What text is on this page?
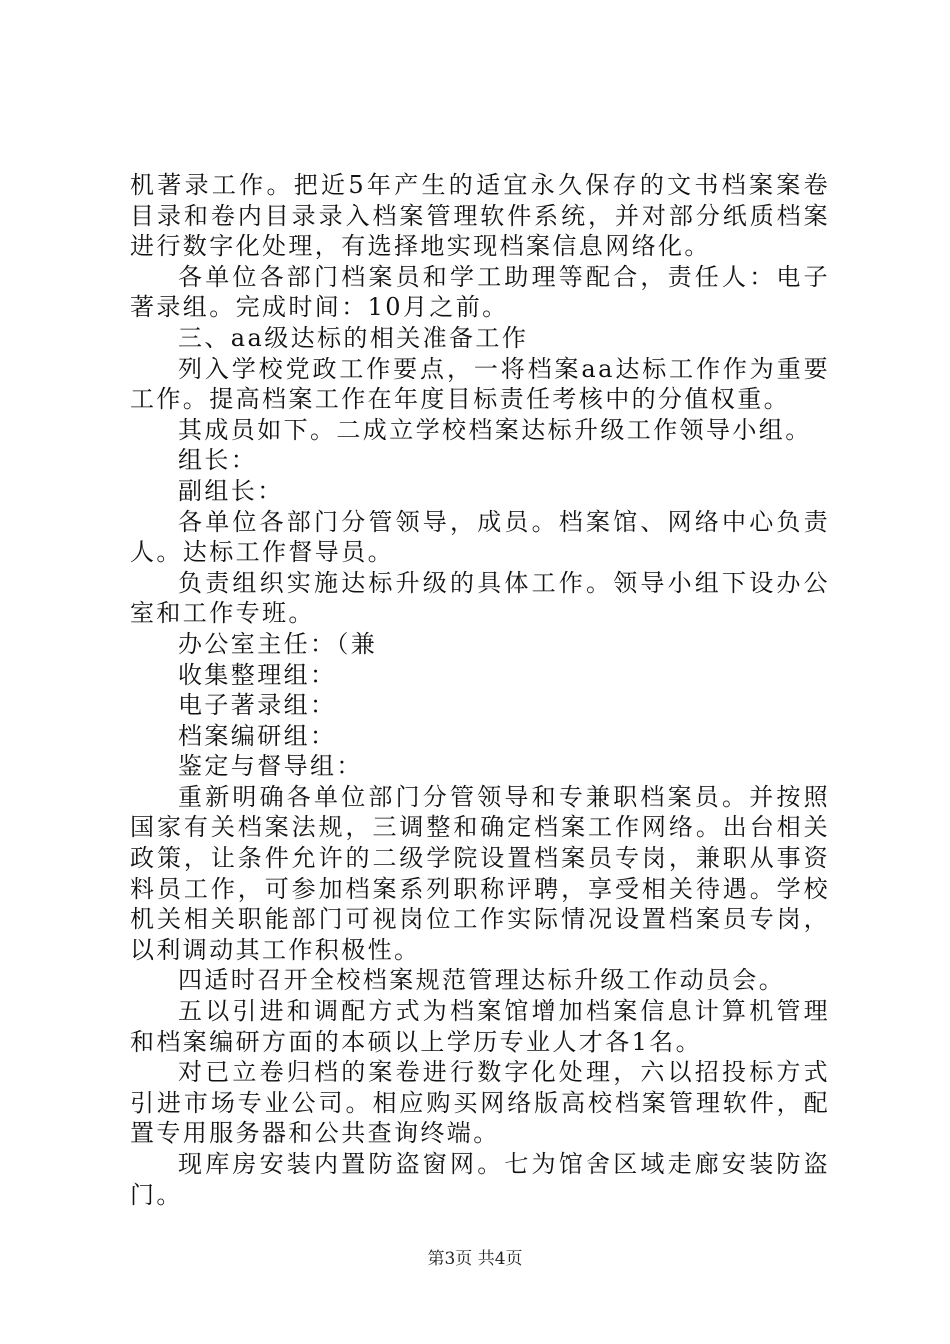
机著录工作。把近5年产生的适宜永久保存的文书档案案卷目录和卷内目录录入档案管理软件系统，并对部分纸质档案进行数字化处理，有选择地实现档案信息网络化。

各单位各部门档案员和学工助理等配合，责任人：电子著录组。完成时间：10月之前。

三、aa级达标的相关准备工作

列入学校党政工作要点，一将档案aa达标工作作为重要工作。提高档案工作在年度目标责任考核中的分值权重。

其成员如下。二成立学校档案达标升级工作领导小组。

组长：

副组长：

各单位各部门分管领导，成员。档案馆、网络中心负责人。达标工作督导员。

负责组织实施达标升级的具体工作。领导小组下设办公室和工作专班。

办公室主任：（兼

收集整理组：

电子著录组：

档案编研组：

鉴定与督导组：

重新明确各单位部门分管领导和专兼职档案员。并按照国家有关档案法规，三调整和确定档案工作网络。出台相关政策，让条件允许的二级学院设置档案员专岗，兼职从事资料员工作，可参加档案系列职称评聘，享受相关待遇。学校机关相关职能部门可视岗位工作实际情况设置档案员专岗，以利调动其工作积极性。

四适时召开全校档案规范管理达标升级工作动员会。

五以引进和调配方式为档案馆增加档案信息计算机管理和档案编研方面的本硕以上学历专业人才各1名。

对已立卷归档的案卷进行数字化处理，六以招投标方式引进市场专业公司。相应购买网络版高校档案管理软件，配置专用服务器和公共查询终端。

现库房安装内置防盗窗网。七为馆舍区域走廊安装防盗门。

第3页 共4页
